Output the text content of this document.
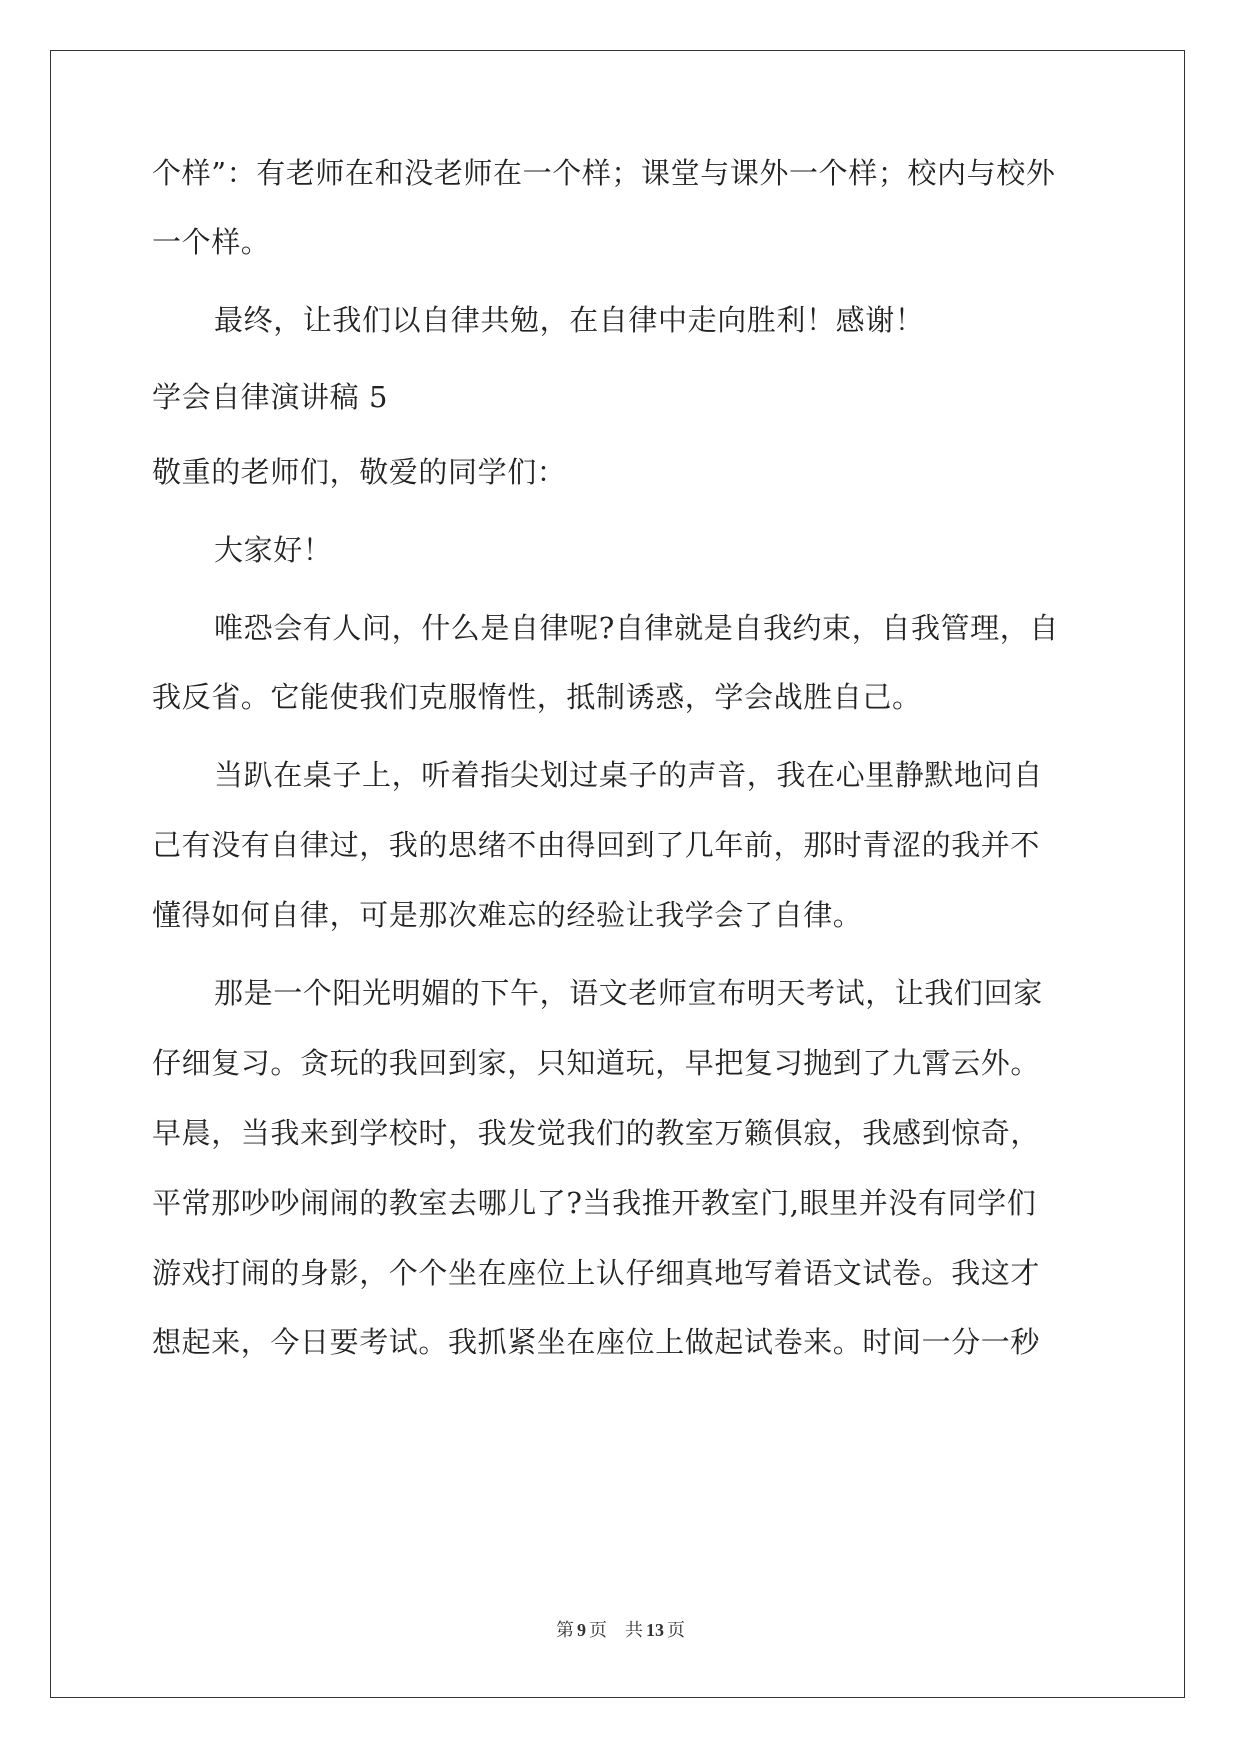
个样”：有老师在和没老师在一个样；课堂与课外一个样；校内与校外
一个样。
最终，让我们以自律共勉，在自律中走向胜利！感谢！
学会自律演讲稿 5
敬重的老师们，敬爱的同学们：
大家好！
唯恐会有人问，什么是自律呢?自律就是自我约束，自我管理，自
我反省。它能使我们克服惰性，抵制诱惑，学会战胜自己。
当趴在桌子上，听着指尖划过桌子的声音，我在心里静默地问自
己有没有自律过，我的思绪不由得回到了几年前，那时青涩的我并不
懂得如何自律，可是那次难忘的经验让我学会了自律。
那是一个阳光明媚的下午，语文老师宣布明天考试，让我们回家
仔细复习。贪玩的我回到家，只知道玩，早把复习抛到了九霄云外。
早晨，当我来到学校时，我发觉我们的教室万籁俱寂，我感到惊奇，
平常那吵吵闹闹的教室去哪儿了?当我推开教室门,眼里并没有同学们
游戏打闹的身影，个个坐在座位上认仔细真地写着语文试卷。我这才
想起来，今日要考试。我抓紧坐在座位上做起试卷来。时间一分一秒
第 9 页 共 13 页
